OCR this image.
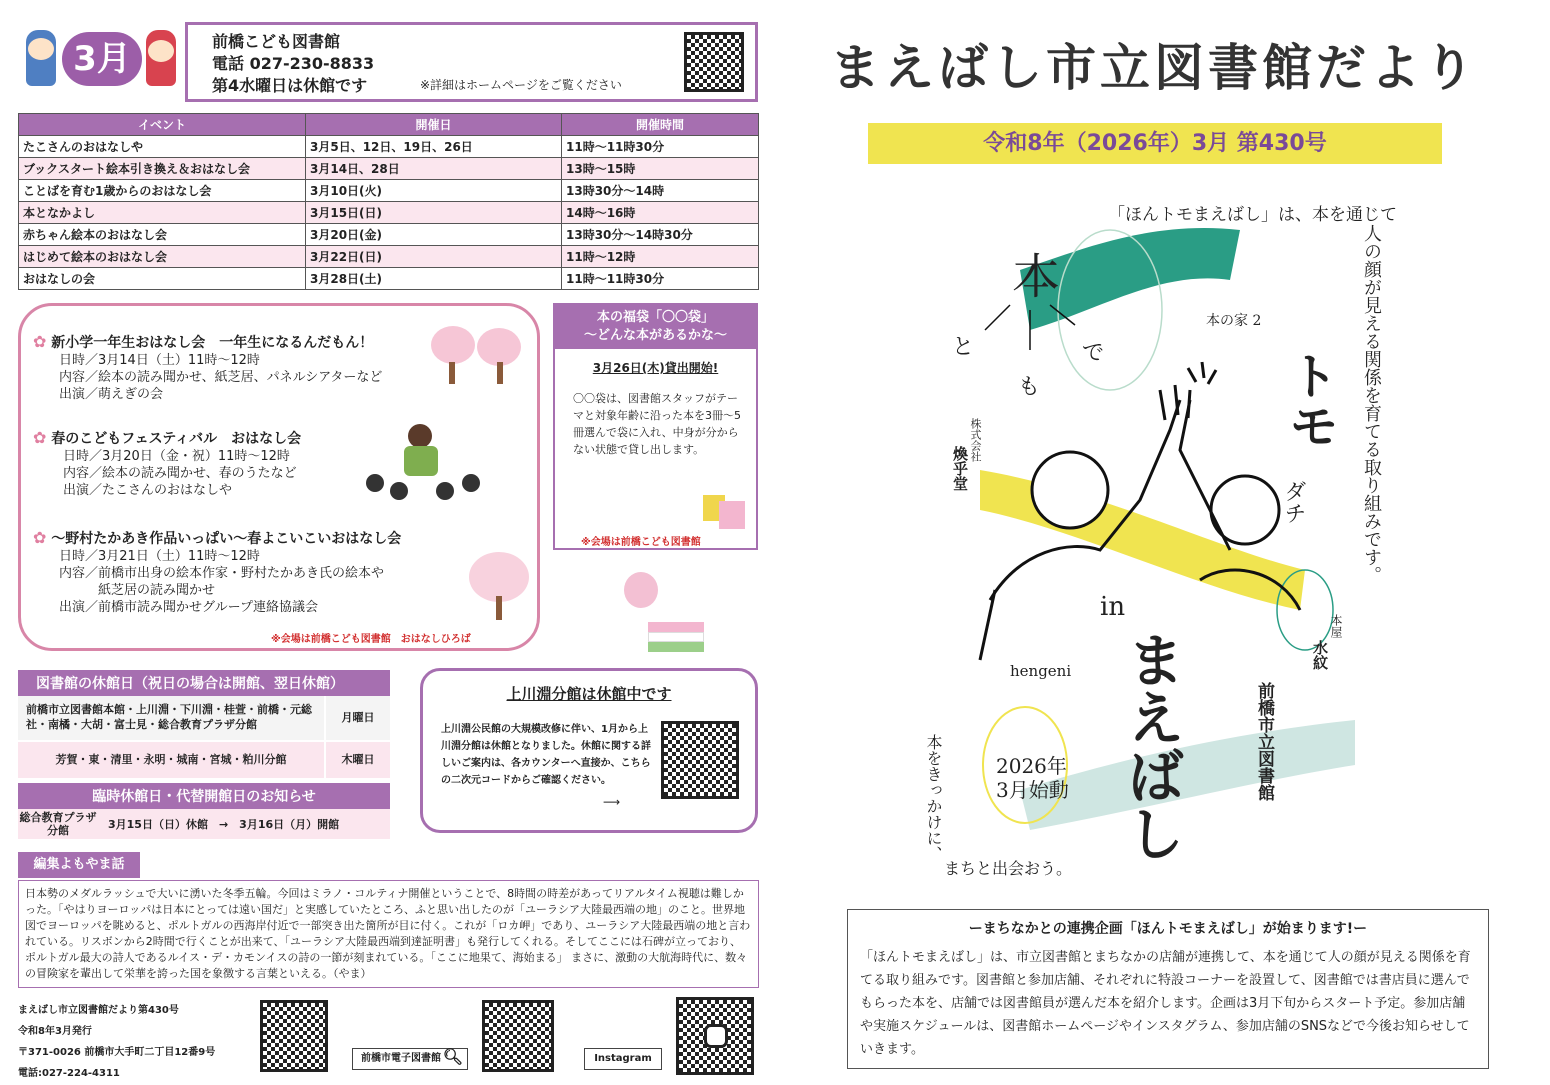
3月	前橋こども図書館
電話 027-230-8833
第4水曜日は休館です	※詳細はホームページをご覧ください
イベント	開催日	開催時間
たこさんのおはなしや	3月5日、12日、19日、26日	11時～11時30分
ブックスタート絵本引き換え＆おはなし会	3月14日、28日	13時～15時
ことばを育む1歳からのおはなし会	3月10日(火)	13時30分～14時
本となかよし	3月15日(日)	14時～16時
赤ちゃん絵本のおはなし会	3月20日(金)	13時30分～14時30分
はじめて絵本のおはなし会	3月22日(日)	11時～12時
おはなしの会	3月28日(土)	11時～11時30分
✿ 新小学一年生おはなし会　一年生になるんだもん！
日時／3月14日（土）11時～12時
内容／絵本の読み聞かせ、紙芝居、パネルシアターなど
出演／萌えぎの会
✿ 春のこどもフェスティバル　おはなし会
日時／3月20日（金・祝）11時～12時
内容／絵本の読み聞かせ、春のうたなど
出演／たこさんのおはなしや
✿ ～野村たかあき作品いっぱい～春よこいこいおはなし会
日時／3月21日（土）11時～12時
内容／前橋市出身の絵本作家・野村たかあき氏の絵本や
　　　紙芝居の読み聞かせ
出演／前橋市読み聞かせグループ連絡協議会
※会場は前橋こども図書館　おはなしひろば
本の福袋「〇〇袋」
～どんな本があるかな～
3月26日(木)貸出開始!
〇〇袋は、図書館スタッフがテーマと対象年齢に沿った本を3冊～5冊選んで袋に入れ、中身が分からない状態で貸し出します。
※会場は前橋こども図書館
図書館の休館日（祝日の場合は開館、翌日休館）
前橋市立図書館本館・上川淵・下川淵・桂萱・前橋・元総社・南橘・大胡・富士見・総合教育プラザ分館
月曜日
芳賀・東・清里・永明・城南・宮城・粕川分館	木曜日
臨時休館日・代替開館日のお知らせ
総合教育プラザ分館	3月15日（日）休館　→　3月16日（月）開館
上川淵分館は休館中です
上川淵公民館の大規模改修に伴い、1月から上川淵分館は休館となりました。休館に関する詳しいご案内は、各カウンターへ直接か、こちらの二次元コードからご確認ください。
⟶
編集よもやま話
日本勢のメダルラッシュで大いに湧いた冬季五輪。今回はミラノ・コルティナ開催ということで、8時間の時差があってリアルタイム視聴は難しかった。「やはりヨーロッパは日本にとっては遠い国だ」と実感していたところ、ふと思い出したのが「ユーラシア大陸最西端の地」のこと。世界地図でヨーロッパを眺めると、ポルトガルの西海岸付近で一部突き出た箇所が目に付く。これが「ロカ岬」であり、ユーラシア大陸最西端の地と言われている。リスボンから2時間で行くことが出来て、「ユーラシア大陸最西端到達証明書」も発行してくれる。そしてここには石碑が立っており、ポルトガル最大の詩人であるルイス・デ・カモンイスの詩の一節が刻まれている。「ここに地果て、海始まる」 まさに、激動の大航海時代に、数々の冒険家を輩出して栄華を誇った国を象徴する言葉といえる。（やま）
まえばし市立図書館だより第430号
令和8年3月発行
〒371-0026 前橋市大手町二丁目12番9号
電話:027-224-4311
前橋市電子図書館 🔍︎	Instagram
まえばし市立図書館だより
令和8年（2026年）3月 第430号
「ほんトモまえばし」は、本を通じて
人の顔が見える関係を育てる取り組みです。
本
と
も
で
本の家 2
トモ
ダチ
株式会社
煥乎堂
in
まえばし
hengeni
本屋
水紋
前橋市立図書館
2026年
3月始動
本をきっかけに、
まちと出会おう。
ーまちなかとの連携企画「ほんトモまえばし」が始まります!ー
「ほんトモまえばし」は、市立図書館とまちなかの店舗が連携して、本を通じて人の顔が見える関係を育てる取り組みです。図書館と参加店舗、それぞれに特設コーナーを設置して、図書館では書店員に選んでもらった本を、店舗では図書館員が選んだ本を紹介します。企画は3月下旬からスタート予定。参加店舗や実施スケジュールは、図書館ホームページやインスタグラム、参加店舗のSNSなどで今後お知らせしていきます。
